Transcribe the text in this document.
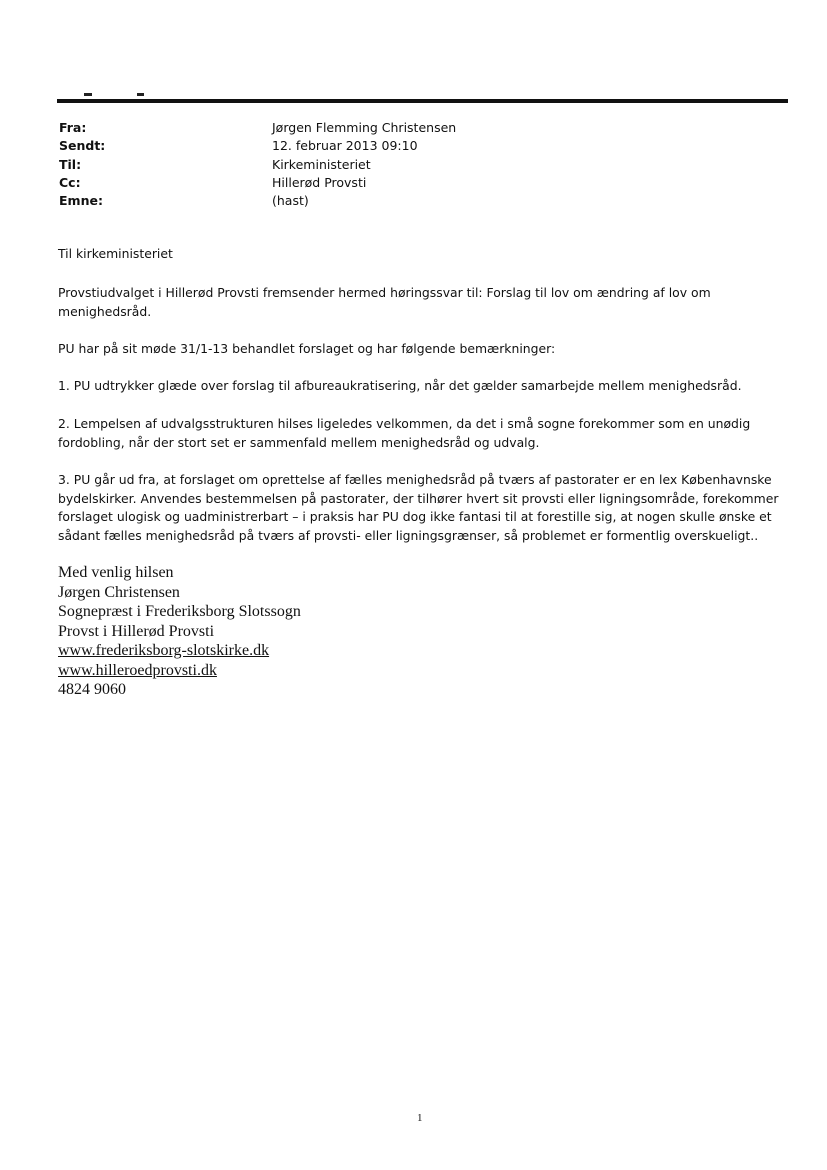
Fra:	Jørgen Flemming Christensen
Sendt:	12. februar 2013 09:10
Til:	Kirkeministeriet
Cc:	Hillerød Provsti
Emne:	(hast)

Til kirkeministeriet

Provstiudvalget i Hillerød Provsti fremsender hermed høringssvar til: Forslag til lov om ændring af lov om menighedsråd.

PU har på sit møde 31/1-13 behandlet forslaget og har følgende bemærkninger:

1. PU udtrykker glæde over forslag til afbureaukratisering, når det gælder samarbejde mellem menighedsråd.

2. Lempelsen af udvalgsstrukturen hilses ligeledes velkommen, da det i små sogne forekommer som en unødig fordobling, når der stort set er sammenfald mellem menighedsråd og udvalg.

3. PU går ud fra, at forslaget om oprettelse af fælles menighedsråd på tværs af pastorater er en lex Københavnske bydelskirker. Anvendes bestemmelsen på pastorater, der tilhører hvert sit provsti eller ligningsområde, forekommer forslaget ulogisk og uadministrerbart – i praksis har PU dog ikke fantasi til at forestille sig, at nogen skulle ønske et sådant fælles menighedsråd på tværs af provsti- eller ligningsgrænser, så problemet er formentlig overskueligt..

Med venlig hilsen
Jørgen Christensen
Sognepræst i Frederiksborg Slotssogn
Provst i Hillerød Provsti
www.frederiksborg-slotskirke.dk
www.hilleroedprovsti.dk
4824 9060
1
